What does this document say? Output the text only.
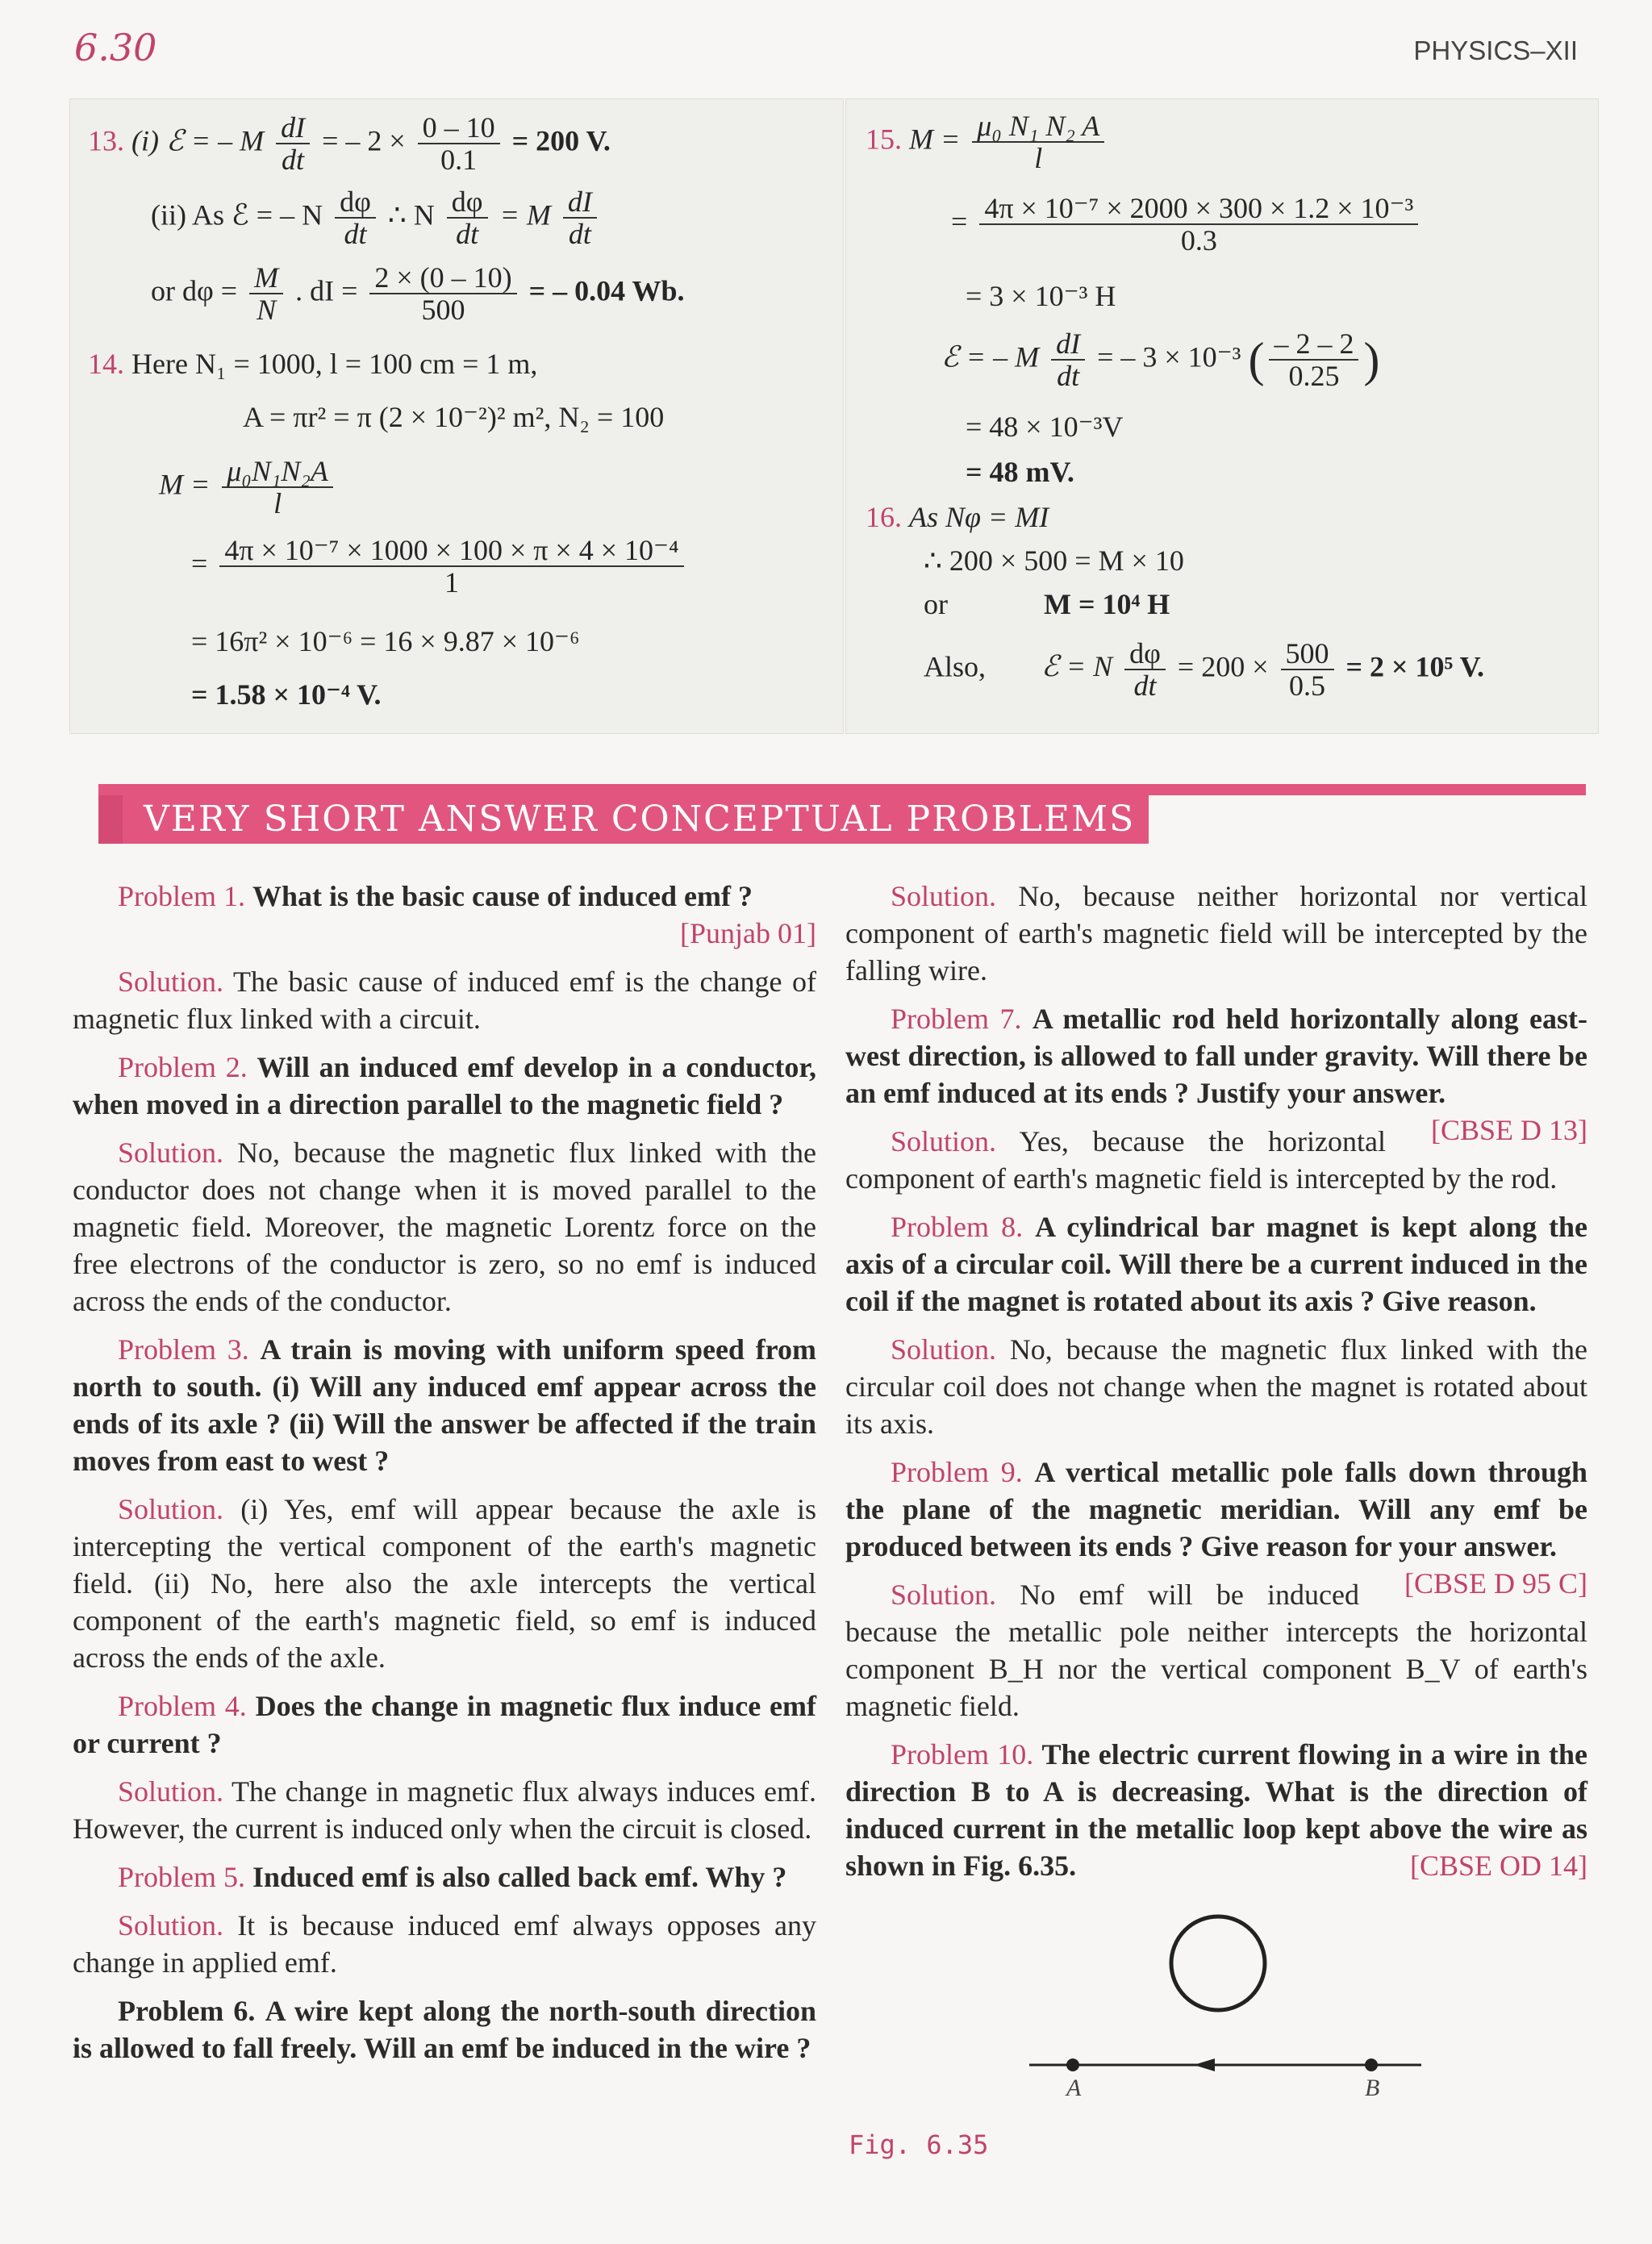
6.30	PHYSICS–XII
13. (i) ℰ = – M $\frac{dI}{dt}$ = – $2 \times \frac{0 - 10}{0.1} = 200$ V.
(ii) As ℰ = – N $\frac{d\varphi}{dt}$ ∴ N $\frac{d\varphi}{dt} = M \frac{dI}{dt}$
or $d\varphi = \frac{M}{N}$ . dI = $\frac{2 \times (0 - 10)}{500}$ = – 0.04 Wb.
14. Here N₁ = 1000, l = 100 cm = 1 m,
A = πr² = π (2 × 10⁻²)² m², N₂ = 100
$M = \frac{\text{μ₀N₁N₂A}}{l}$
= $\frac{\text{4π × 10⁻⁷ × 1000 × 100 × π × 4 × 10⁻⁴}}{1}$
= 16π² × 10⁻⁶ = 16 × 9.87 × 10⁻⁶
= 1.58 × 10⁻⁴ V.
15. $M = \frac{\text{μ₀ N₁ N₂ A}}{l}$
= $\frac{\text{4π × 10⁻⁷ × 2000 × 300 × 1.2 × 10⁻³}}{0.3}$
= 3 × 10⁻³ H
ℰ = – M $\frac{dI}{dt}$ = – 3 × 10⁻³ ( $\frac{- 2 - 2}{0.25}$ )
= 48 × 10⁻³V
= 48 mV.
16. As Nφ = MI
∴ 200 × 500 = M × 10
or	M = 10⁴ H
Also, ℰ = N $\frac{d\varphi}{dt} = 200 \times \frac{500}{0.5} = 2 \times 10^5$ V.
VERY SHORT ANSWER CONCEPTUAL PROBLEMS

Problem 1. What is the basic cause of induced emf ?
[Punjab 01]

Solution. The basic cause of induced emf is the change of magnetic flux linked with a circuit.

Problem 2. Will an induced emf develop in a conductor, when moved in a direction parallel to the magnetic field ?

Solution. No, because the magnetic flux linked with the conductor does not change when it is moved parallel to the magnetic field. Moreover, the magnetic Lorentz force on the free electrons of the conductor is zero, so no emf is induced across the ends of the conductor.

Problem 3. A train is moving with uniform speed from north to south. (i) Will any induced emf appear across the ends of its axle ? (ii) Will the answer be affected if the train moves from east to west ?

Solution. (i) Yes, emf will appear because the axle is intercepting the vertical component of the earth's magnetic field. (ii) No, here also the axle intercepts the vertical component of the earth's magnetic field, so emf is induced across the ends of the axle.

Problem 4. Does the change in magnetic flux induce emf or current ?

Solution. The change in magnetic flux always induces emf. However, the current is induced only when the circuit is closed.

Problem 5. Induced emf is also called back emf. Why ?

Solution. It is because induced emf always opposes any change in applied emf.

Problem 6. A wire kept along the north-south direction is allowed to fall freely. Will an emf be induced in the wire ?

Solution. No, because neither horizontal nor vertical component of earth's magnetic field will be intercepted by the falling wire.

Problem 7. A metallic rod held horizontally along east-west direction, is allowed to fall under gravity. Will there be an emf induced at its ends ? Justify your answer.
[CBSE D 13]

Solution. Yes, because the horizontal component of earth's magnetic field is intercepted by the rod.

Problem 8. A cylindrical bar magnet is kept along the axis of a circular coil. Will there be a current induced in the coil if the magnet is rotated about its axis ? Give reason.

Solution. No, because the magnetic flux linked with the circular coil does not change when the magnet is rotated about its axis.

Problem 9. A vertical metallic pole falls down through the plane of the magnetic meridian. Will any emf be produced between its ends ? Give reason for your answer.
[CBSE D 95 C]

Solution. No emf will be induced because the metallic pole neither intercepts the horizontal component B_H nor the vertical component B_V of earth's magnetic field.

Problem 10. The electric current flowing in a wire in the direction B to A is decreasing. What is the direction of induced current in the metallic loop kept above the wire as shown in Fig. 6.35.	[CBSE OD 14]

A	B
Fig. 6.35
